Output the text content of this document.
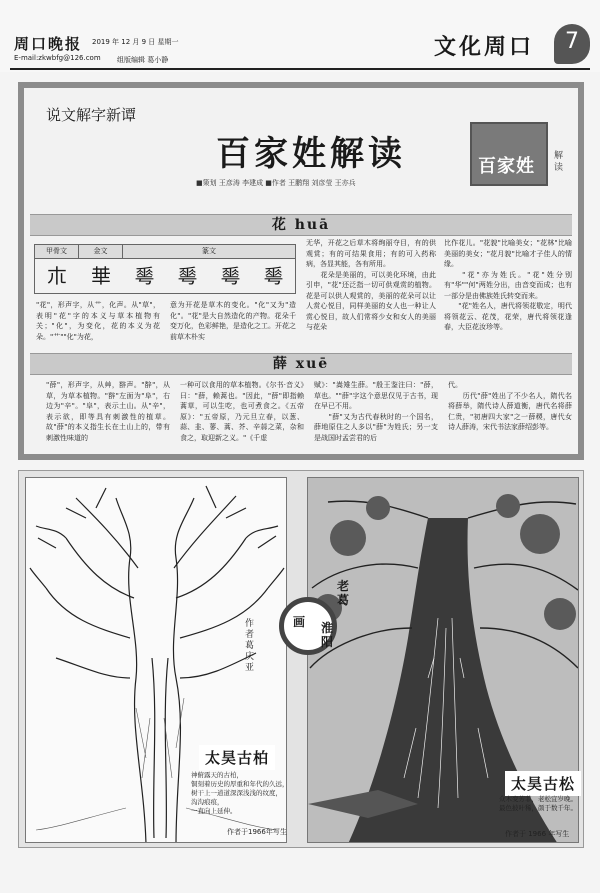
周口晚报
E-mail:zkwbfg@126.com
2019 年 12 月 9 日 星期一
组版编辑 葛小静	文化周口	7
说文解字新谭
百家姓解读
■策划 王彦涛 李建成 ■作者 王鹏翔 刘彦莹 王亦兵
百家姓 解读
花 huā
甲骨文	金文	篆文
𣎳	𠦒	𠌶	𠌶	𠌶	𠌶
"花"，形声字，从艹，化声。从"草"，表明"花"字的本义与草本植物有关；"化"，为变化，花的本义为花朵。"艹""化"为花，
意为开花是草木的变化。"化"又为"造化"。"花"是大自然造化的产物。花朵千变万化，色彩鲜艳，是造化之工。开花之前草木朴实
无华，开花之后草木将绚丽夺目，有的供观赏；有的可结果食用；有的可入药称病，各显其能，各有所用。
　　花朵是美丽的，可以美化环境，由此引申，"花"还泛指一切可供观赏的植物。花是可以供人观赏的，美丽的花朵可以让人赏心悦目，同样美丽的女人也一种让人赏心悦目，故人们常将少女和女人的美丽与花朵
比作花儿。"花貌"比喻美女；"花林"比喻美丽的美女；"花月貌"比喻才子佳人的情缘。
　　"花"亦为姓氏。"花"姓分别有"华""何"两姓分出，由音变而成；也有一部分是由佛族姓氏转变而来。
　　"花"姓名人，唐代将领花敬定，明代将领花云、花茂，花荣，唐代将领花逢春，大臣花汝珍等。
薛 xuē
"薛"，形声字，从艸，辥声。"辥"，从草，为草本植物。"辥"左面为"阜"，右边为"辛"。"阜"，表示土山。从"辛"，表示欲，即等具有刺激性的植草。故"薛"的本义指生长在土山上的，带有刺激性味道的
一种可以食用的草本植物。《尔书·音义》曰："薛，赖蒿也。"因此，"薛"即指赖蒿草，可以生吃，也可煮食之。《五帝原》："五帝原，乃元旦立春，以葱、蒜、韭、蓼、蒿、芥、辛蒜之菜，杂和食之，取迎新之义。"《千虚
赋》："嵩雉生薛。"殷王鉴注曰："薛，草也。""薛"字这个意思仅见于古书，现在早已不用。
　　"薛"又为古代春秋时的一个国名，薛地原住之人多以"薛"为姓氏；另一支是战国时孟尝君的后
代。
　　历代"薛"姓出了不少名人，隋代名将薛举，隋代诗人薛道衡，唐代名将薛仁贵，"初唐四大家"之一薛稷，唐代女诗人薛涛，宋代书法家薛绍彭等。
太昊古柏
神俯露天的古柏，
铜刻着历史的厚重和年代的久远，
树干上一道道深深浅浅的纹度，
沟沟痕痕，
一直向上延伸。
作者于1966年写生
太昊古松
众木变芳菲，老松宜岁晚。
最色披叶稀，颜于数千年。
作者于 1966 年写生
画
老葛
淮阳
作者 葛庆亚
